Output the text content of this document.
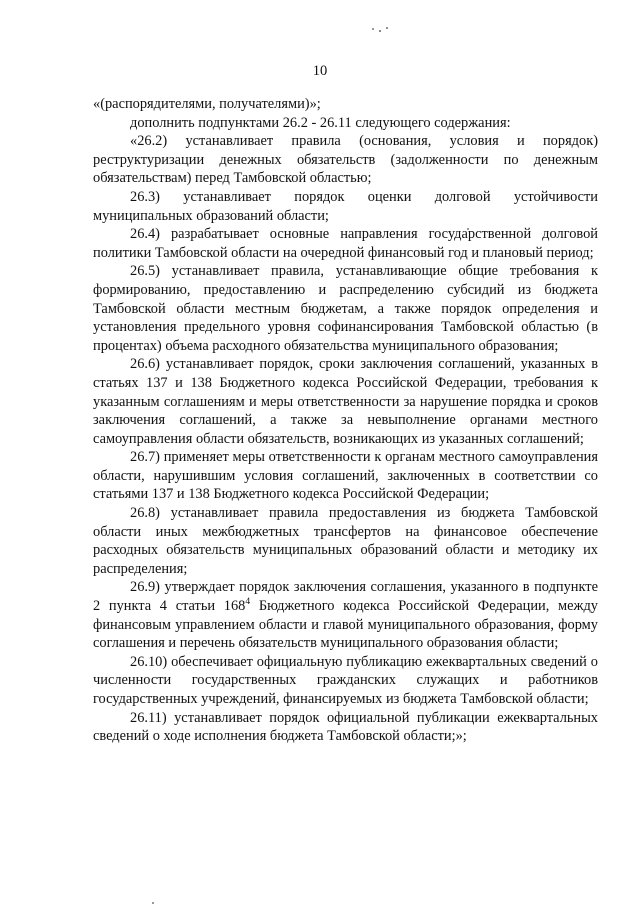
10

«(распорядителями, получателями)»;

дополнить подпунктами 26.2 - 26.11 следующего содержания:

«26.2) устанавливает правила (основания, условия и порядок) реструктуризации денежных обязательств (задолженности по денежным обязательствам) перед Тамбовской областью;

26.3) устанавливает порядок оценки долговой устойчивости муниципальных образований области;

26.4) разрабатывает основные направления государственной долговой политики Тамбовской области на очередной финансовый год и плановый период;

26.5) устанавливает правила, устанавливающие общие требования к формированию, предоставлению и распределению субсидий из бюджета Тамбовской области местным бюджетам, а также порядок определения и установления предельного уровня софинансирования Тамбовской областью (в процентах) объема расходного обязательства муниципального образования;

26.6) устанавливает порядок, сроки заключения соглашений, указанных в статьях 137 и 138 Бюджетного кодекса Российской Федерации, требования к указанным соглашениям и меры ответственности за нарушение порядка и сроков заключения соглашений, а также за невыполнение органами местного самоуправления области обязательств, возникающих из указанных соглашений;

26.7) применяет меры ответственности к органам местного самоуправления области, нарушившим условия соглашений, заключенных в соответствии со статьями 137 и 138 Бюджетного кодекса Российской Федерации;

26.8) устанавливает правила предоставления из бюджета Тамбовской области иных межбюджетных трансфертов на финансовое обеспечение расходных обязательств муниципальных образований области и методику их распределения;

26.9) утверждает порядок заключения соглашения, указанного в подпункте 2 пункта 4 статьи $168^4$ Бюджетного кодекса Российской Федерации, между финансовым управлением области и главой муниципального образования, форму соглашения и перечень обязательств муниципального образования области;

26.10) обеспечивает официальную публикацию ежеквартальных сведений о численности государственных гражданских служащих и работников государственных учреждений, финансируемых из бюджета Тамбовской области;

26.11) устанавливает порядок официальной публикации ежеквартальных сведений о ходе исполнения бюджета Тамбовской области;»;
